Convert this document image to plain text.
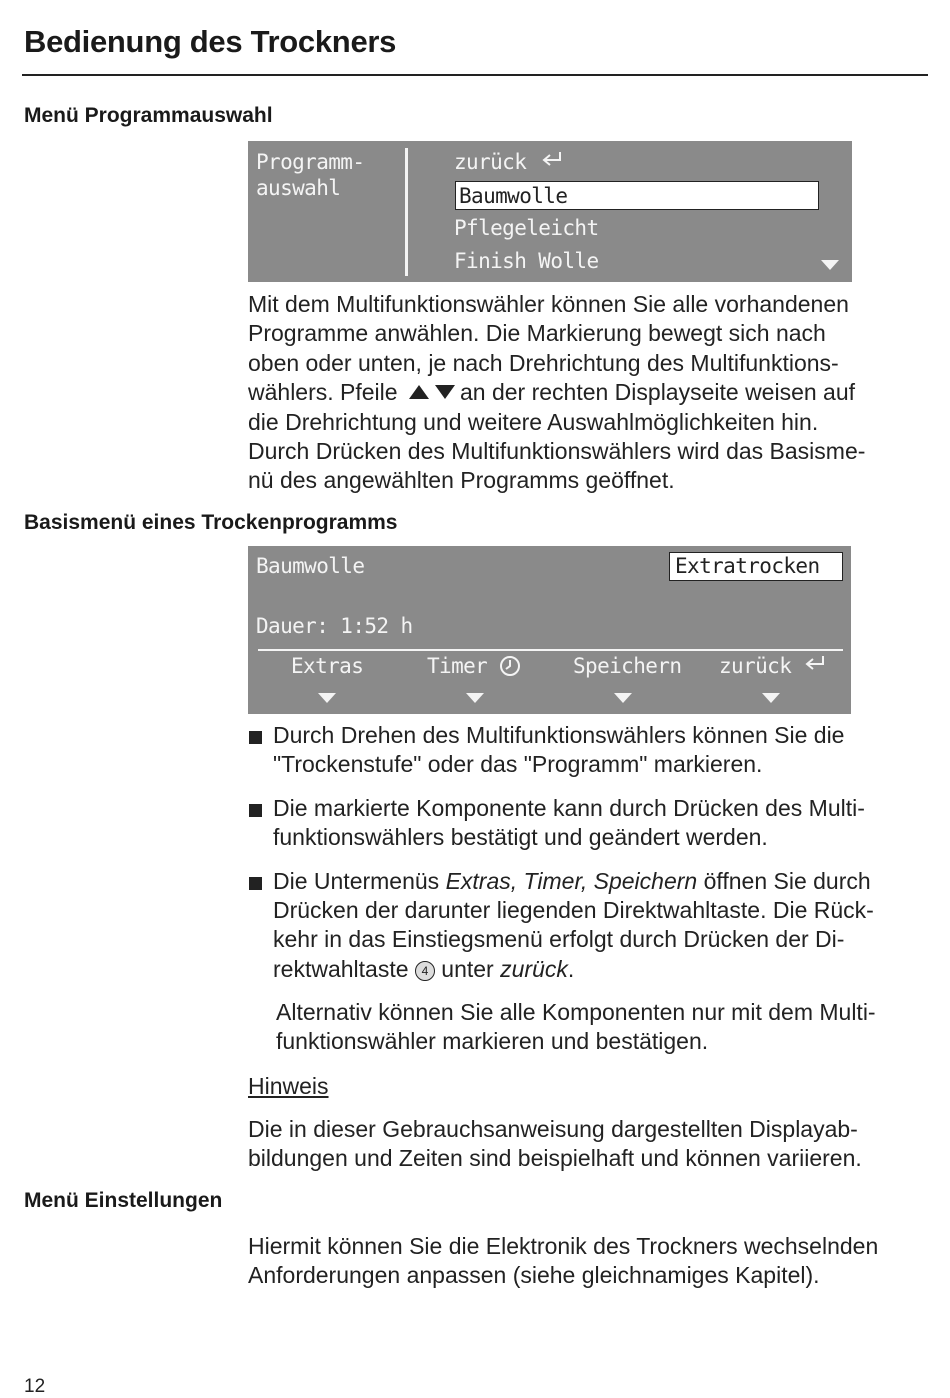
Bedienung des Trockners
Menü Programmauswahl
Programm-
auswahl
zurück
Baumwolle
Pflegeleicht
Finish Wolle

Mit dem Multifunktionswähler können Sie alle vorhandenen

Programme anwählen. Die Markierung bewegt sich nach

oben oder unten, je nach Drehrichtung des Multifunktions-

wählers. Pfeile	an der rechten Displayseite weisen auf

die Drehrichtung und weitere Auswahlmöglichkeiten hin.

Durch Drücken des Multifunktionswählers wird das Basisme-

nü des angewählten Programms geöffnet.

Basismenü eines Trockenprogramms
Baumwolle	Extratrocken
Dauer: 1:52 h
Extras	Timer	Speichern zurück
Durch Drehen des Multifunktionswählers können Sie die
"Trockenstufe" oder das "Programm" markieren.
Die markierte Komponente kann durch Drücken des Multi-
funktionswählers bestätigt und geändert werden.
Die Untermenüs Extras, Timer, Speichern öffnen Sie durch
Drücken der darunter liegenden Direktwahltaste. Die Rück-
kehr in das Einstiegsmenü erfolgt durch Drücken der Di-
rektwahltaste 4 unter zurück.

Alternativ können Sie alle Komponenten nur mit dem Multi-

funktionswähler markieren und bestätigen.

Hinweis

Die in dieser Gebrauchsanweisung dargestellten Displayab-

bildungen und Zeiten sind beispielhaft und können variieren.

Menü Einstellungen

Hiermit können Sie die Elektronik des Trockners wechselnden

Anforderungen anpassen (siehe gleichnamiges Kapitel).

12
